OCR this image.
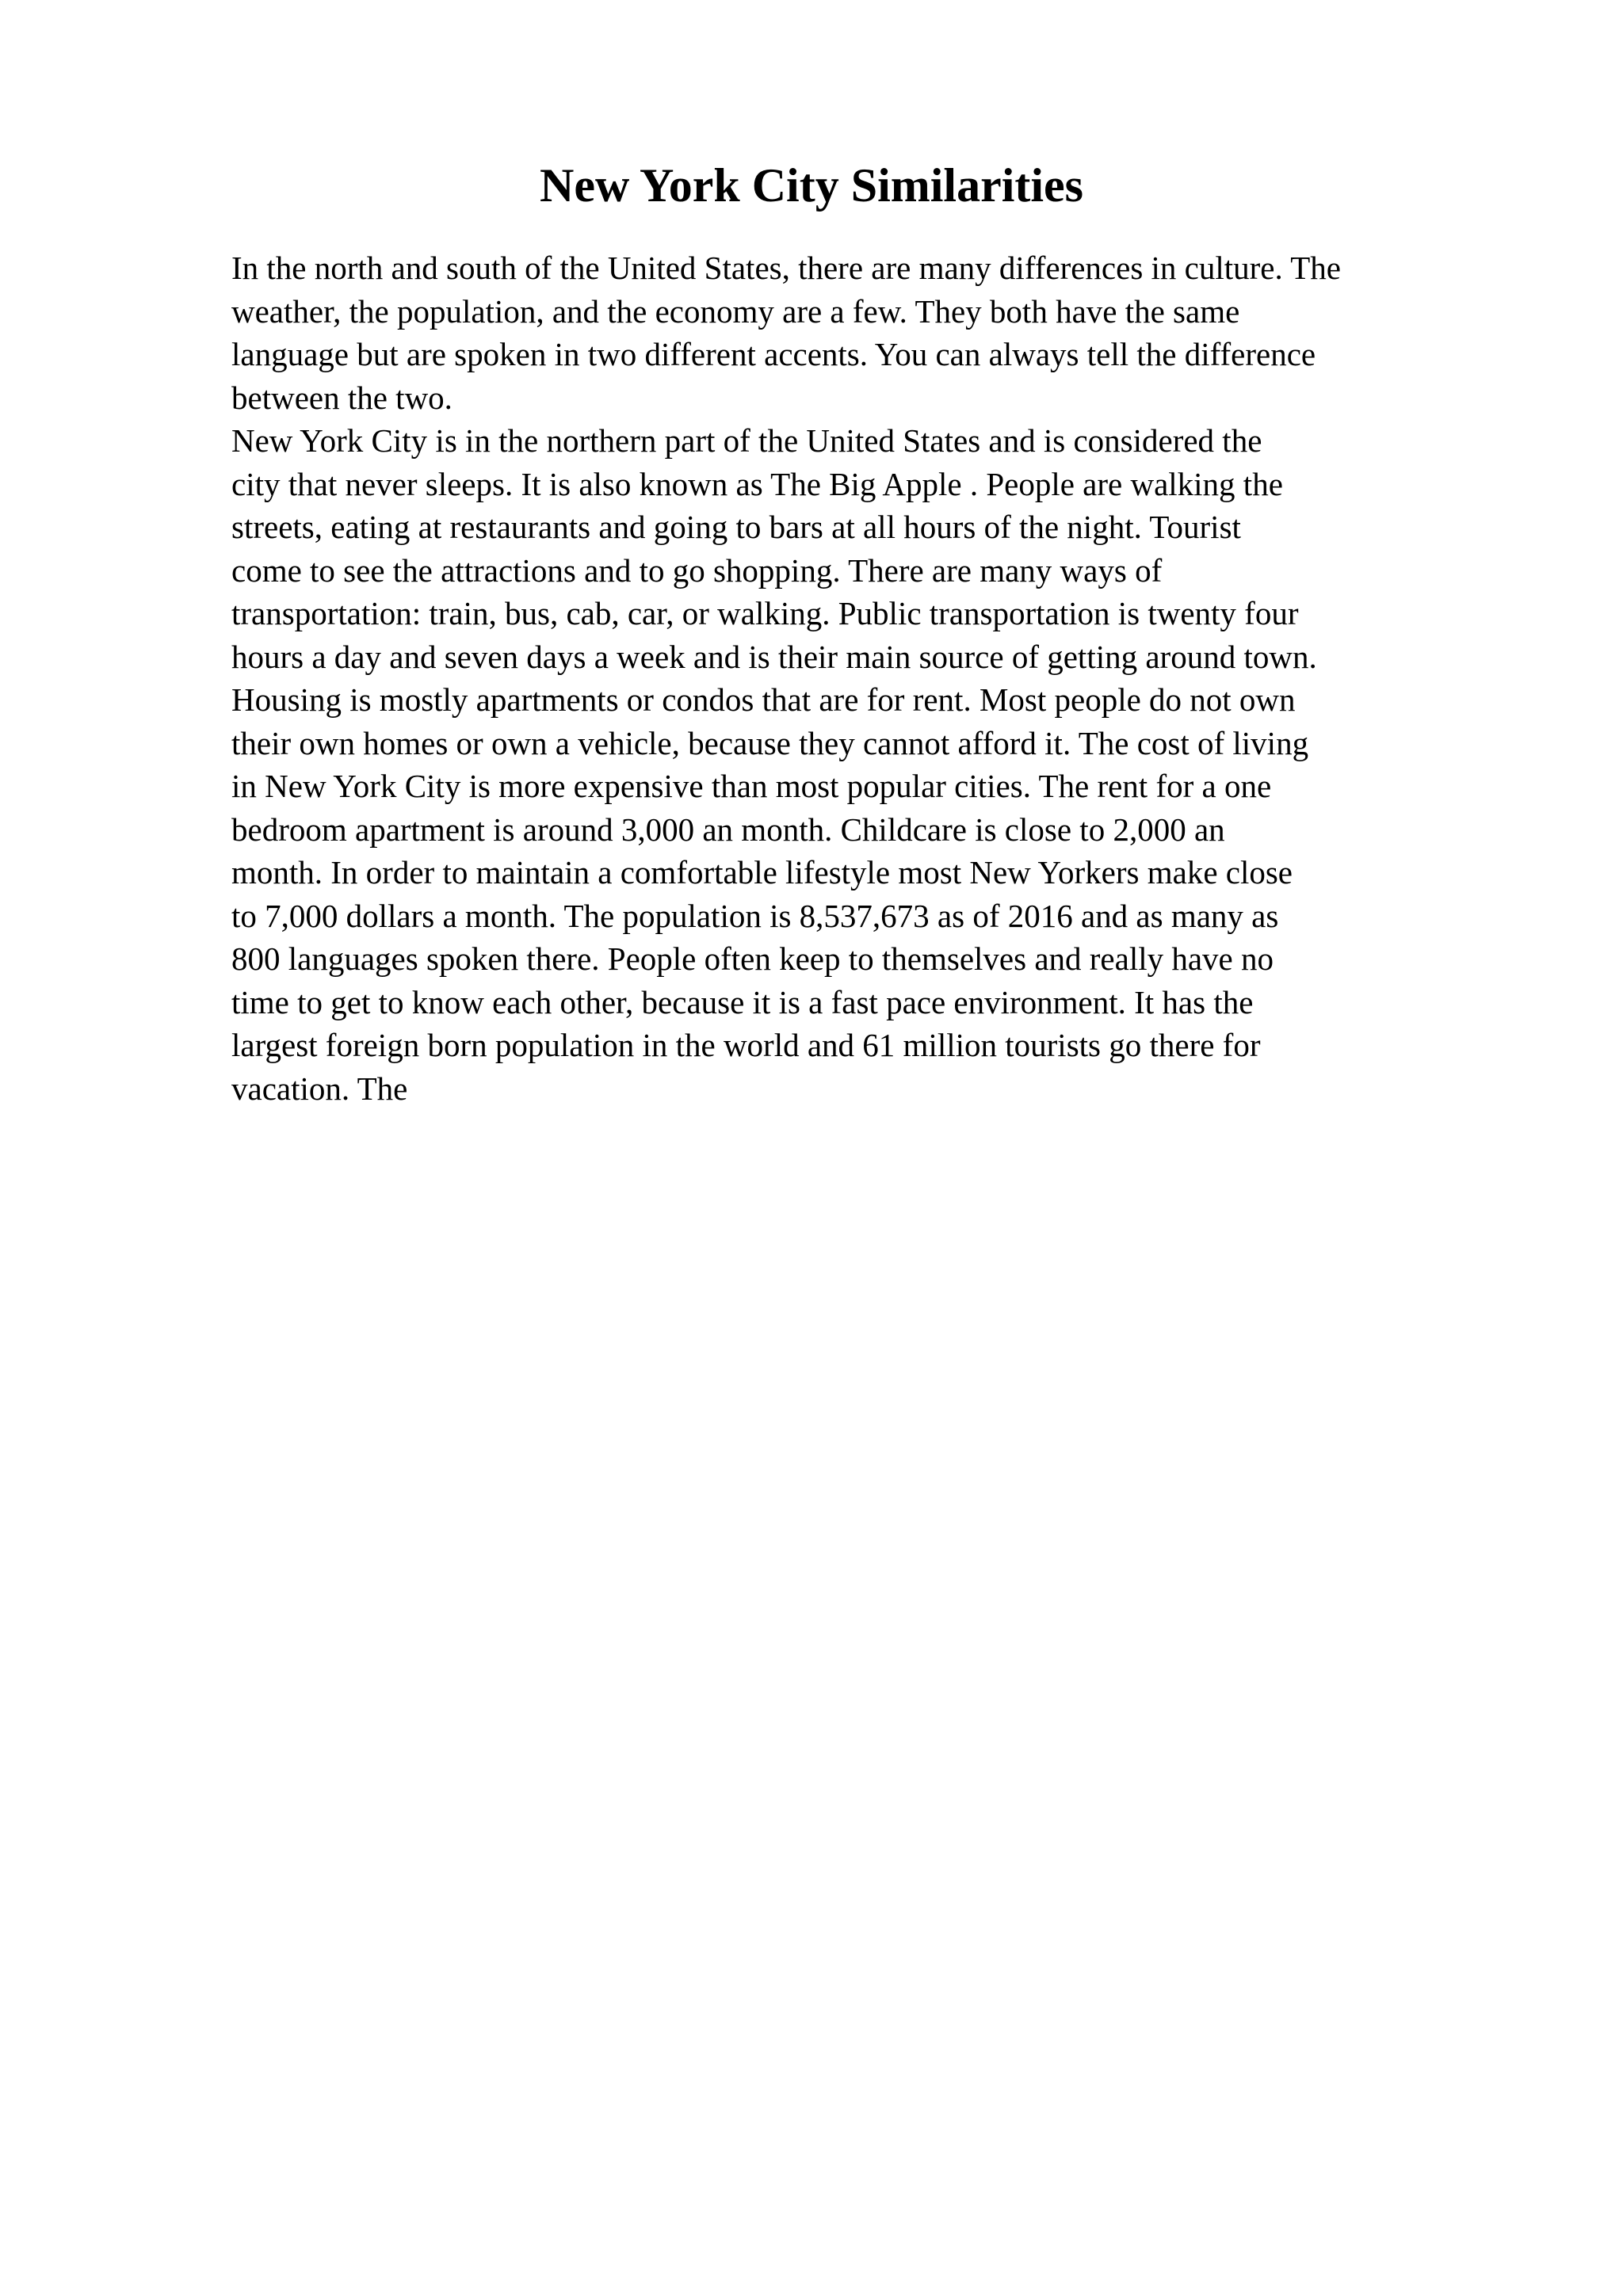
New York City Similarities
In the north and south of the United States, there are many differences in culture. The
weather, the population, and the economy are a few. They both have the same
language but are spoken in two different accents. You can always tell the difference
between the two.
New York City is in the northern part of the United States and is considered the
city that never sleeps. It is also known as The Big Apple . People are walking the
streets, eating at restaurants and going to bars at all hours of the night. Tourist
come to see the attractions and to go shopping. There are many ways of
transportation: train, bus, cab, car, or walking. Public transportation is twenty four
hours a day and seven days a week and is their main source of getting around town.
Housing is mostly apartments or condos that are for rent. Most people do not own
their own homes or own a vehicle, because they cannot afford it. The cost of living
in New York City is more expensive than most popular cities. The rent for a one
bedroom apartment is around 3,000 an month. Childcare is close to 2,000 an
month. In order to maintain a comfortable lifestyle most New Yorkers make close
to 7,000 dollars a month. The population is 8,537,673 as of 2016 and as many as
800 languages spoken there. People often keep to themselves and really have no
time to get to know each other, because it is a fast pace environment. It has the
largest foreign born population in the world and 61 million tourists go there for
vacation. The
